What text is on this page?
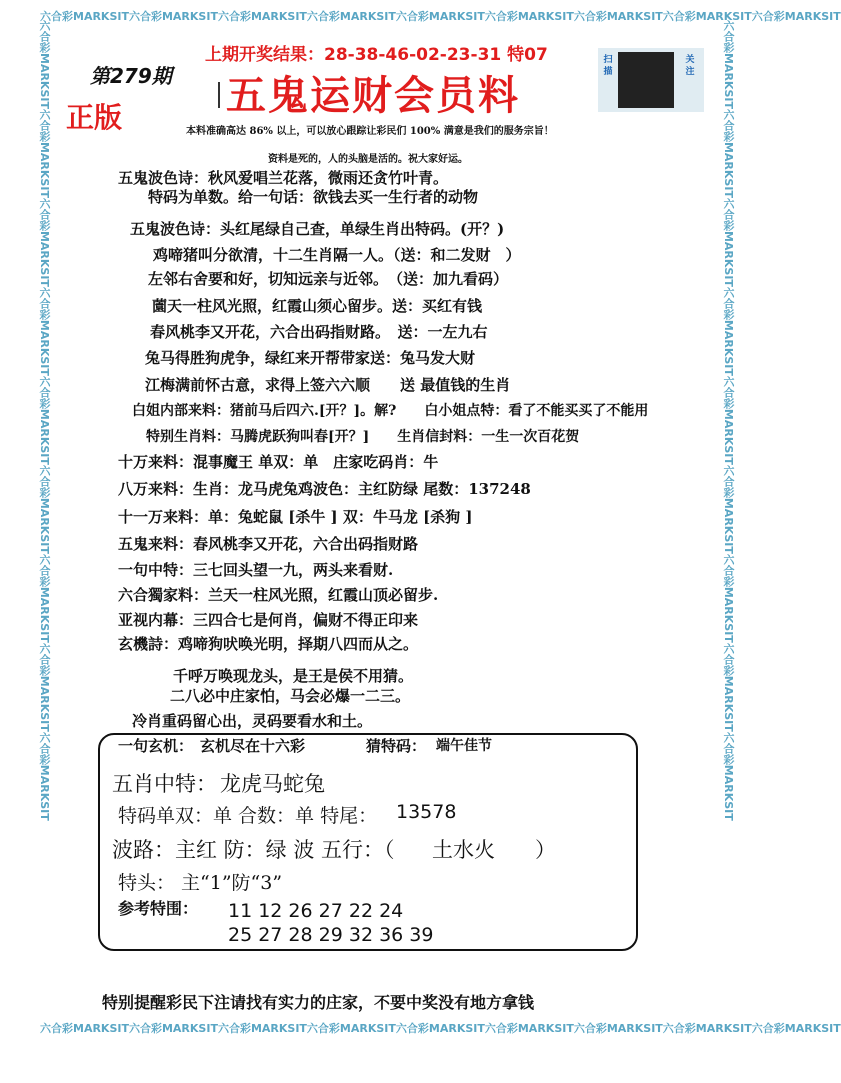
六合彩MARKSIT六合彩MARKSIT六合彩MARKSIT六合彩MARKSIT六合彩MARKSIT六合彩MARKSIT六合彩MARKSIT六合彩MARKSIT六合彩MARKSIT
六合彩MARKSIT六合彩MARKSIT六合彩MARKSIT六合彩MARKSIT六合彩MARKSIT六合彩MARKSIT六合彩MARKSIT六合彩MARKSIT六合彩MARKSIT
六合彩MARKSIT六合彩MARKSIT六合彩MARKSIT六合彩MARKSIT六合彩MARKSIT六合彩MARKSIT六合彩MARKSIT六合彩MARKSIT六合彩MARKSIT	六合彩MARKSIT六合彩MARKSIT六合彩MARKSIT六合彩MARKSIT六合彩MARKSIT六合彩MARKSIT六合彩MARKSIT六合彩MARKSIT六合彩MARKSIT
第279期
正版
上期开奖结果：28-38-46-02-23-31 特07
五鬼运财会员料
扫描
关注
本料准确高达 86% 以上，可以放心跟踪让彩民们 100% 满意是我们的服务宗旨！
资料是死的，人的头脑是活的。祝大家好运。
五鬼波色诗：秋风爱唱兰花落，微雨还贪竹叶青。
特码为单数。给一句话：欲钱去买一生行者的动物
五鬼波色诗：头红尾绿自己查，单绿生肖出特码。(开？)
鸡啼猪叫分欲清，十二生肖隔一人。（送：和二发财　）
左邻右舍要和好，切知远亲与近邻。　（送：加九看码）
薗天一柱风光照，红霞山须心留步。送：买红有钱
春风桃李又开花，六合出码指财路。　送：一左九右
兔马得胜狗虎争，绿红来开帮带家送：兔马发大财
江梅满前怀古意，求得上签六六顺　　送 最值钱的生肖
白姐内部来料：猪前马后四六.[开？]。解?　　白小姐点特：看了不能买买了不能用
特别生肖料：马腾虎跃狗叫春[开？]　　生肖信封料：一生一次百花贺
十万来料：混事魔王 单双：单　庄家吃码肖：牛
八万来料：生肖：龙马虎兔鸡波色：主红防绿 尾数：137248
十一万来料：单：兔蛇鼠 [杀牛 ] 双：牛马龙 [杀狗 ]
五鬼来料：春风桃李又开花，六合出码指财路
一句中特：三七回头望一九，两头来看财.
六合獨家料：兰天一柱风光照，红霞山顶必留步.
亚视内幕：三四合七是何肖，偏财不得正印来
玄機詩：鸡啼狗吠唤光明，择期八四而从之。
千呼万唤现龙头，是王是侯不用猜。
二八必中庄家怕，马会必爆一二三。
冷肖重码留心出，灵码要看水和土。
一句玄机： 玄机尽在十六彩	猜特码： 端午佳节
五肖中特： 龙虎马蛇兔
特码单双：单 合数：单 特尾： 13578
波路：主红 防：绿 波 五行：（ 土水火 ）
特头： 主“1”防“3”
参考特围： 11 12 26 27 22 24
25 27 28 29 32 36 39
特别提醒彩民下注请找有实力的庄家，不要中奖没有地方拿钱
